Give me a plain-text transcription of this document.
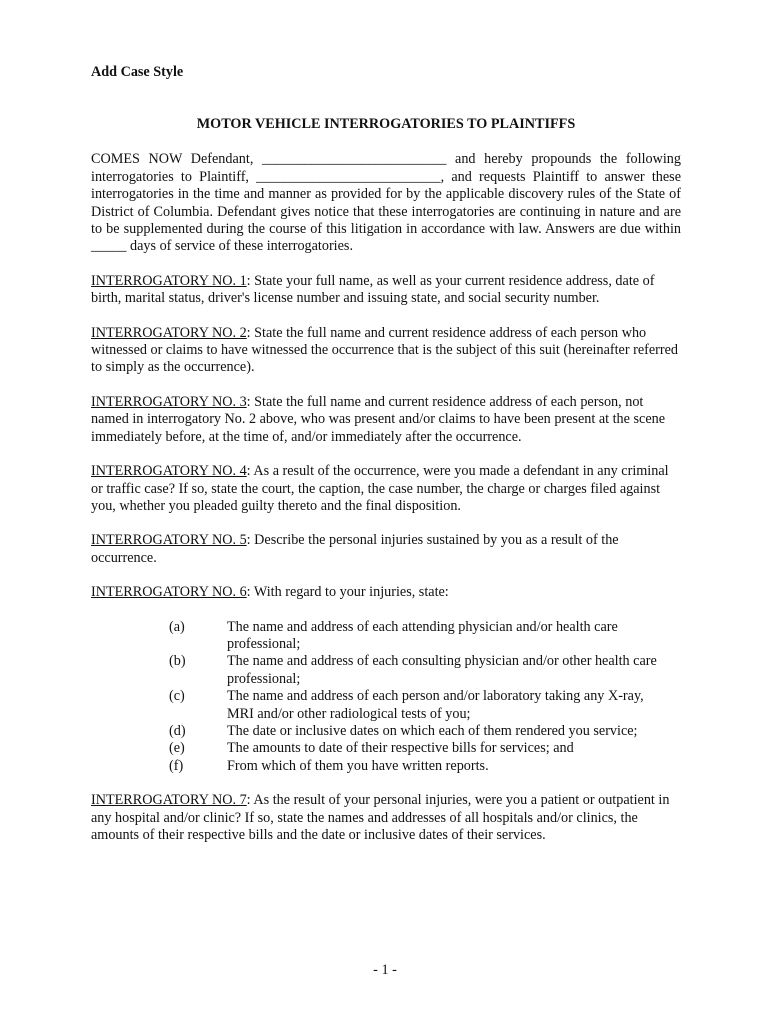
Add Case Style

MOTOR VEHICLE INTERROGATORIES TO PLAINTIFFS

COMES NOW Defendant, __________________________ and hereby propounds the following interrogatories to Plaintiff, __________________________, and requests Plaintiff to answer these interrogatories in the time and manner as provided for by the applicable discovery rules of the State of District of Columbia. Defendant gives notice that these interrogatories are continuing in nature and are to be supplemented during the course of this litigation in accordance with law. Answers are due within _____ days of service of these interrogatories.

INTERROGATORY NO. 1: State your full name, as well as your current residence address, date of birth, marital status, driver's license number and issuing state, and social security number.

INTERROGATORY NO. 2: State the full name and current residence address of each person who witnessed or claims to have witnessed the occurrence that is the subject of this suit (hereinafter referred to simply as the occurrence).

INTERROGATORY NO. 3: State the full name and current residence address of each person, not named in interrogatory No. 2 above, who was present and/or claims to have been present at the scene immediately before, at the time of, and/or immediately after the occurrence.

INTERROGATORY NO. 4: As a result of the occurrence, were you made a defendant in any criminal or traffic case? If so, state the court, the caption, the case number, the charge or charges filed against you, whether you pleaded guilty thereto and the final disposition.

INTERROGATORY NO. 5: Describe the personal injuries sustained by you as a result of the occurrence.

INTERROGATORY NO. 6: With regard to your injuries, state:

(a)	The name and address of each attending physician and/or health care professional;
(b)	The name and address of each consulting physician and/or other health care professional;
(c)	The name and address of each person and/or laboratory taking any X-ray, MRI and/or other radiological tests of you;
(d)	The date or inclusive dates on which each of them rendered you service;
(e)	The amounts to date of their respective bills for services; and
(f)	From which of them you have written reports.

INTERROGATORY NO. 7: As the result of your personal injuries, were you a patient or outpatient in any hospital and/or clinic? If so, state the names and addresses of all hospitals and/or clinics, the amounts of their respective bills and the date or inclusive dates of their services.

- 1 -
